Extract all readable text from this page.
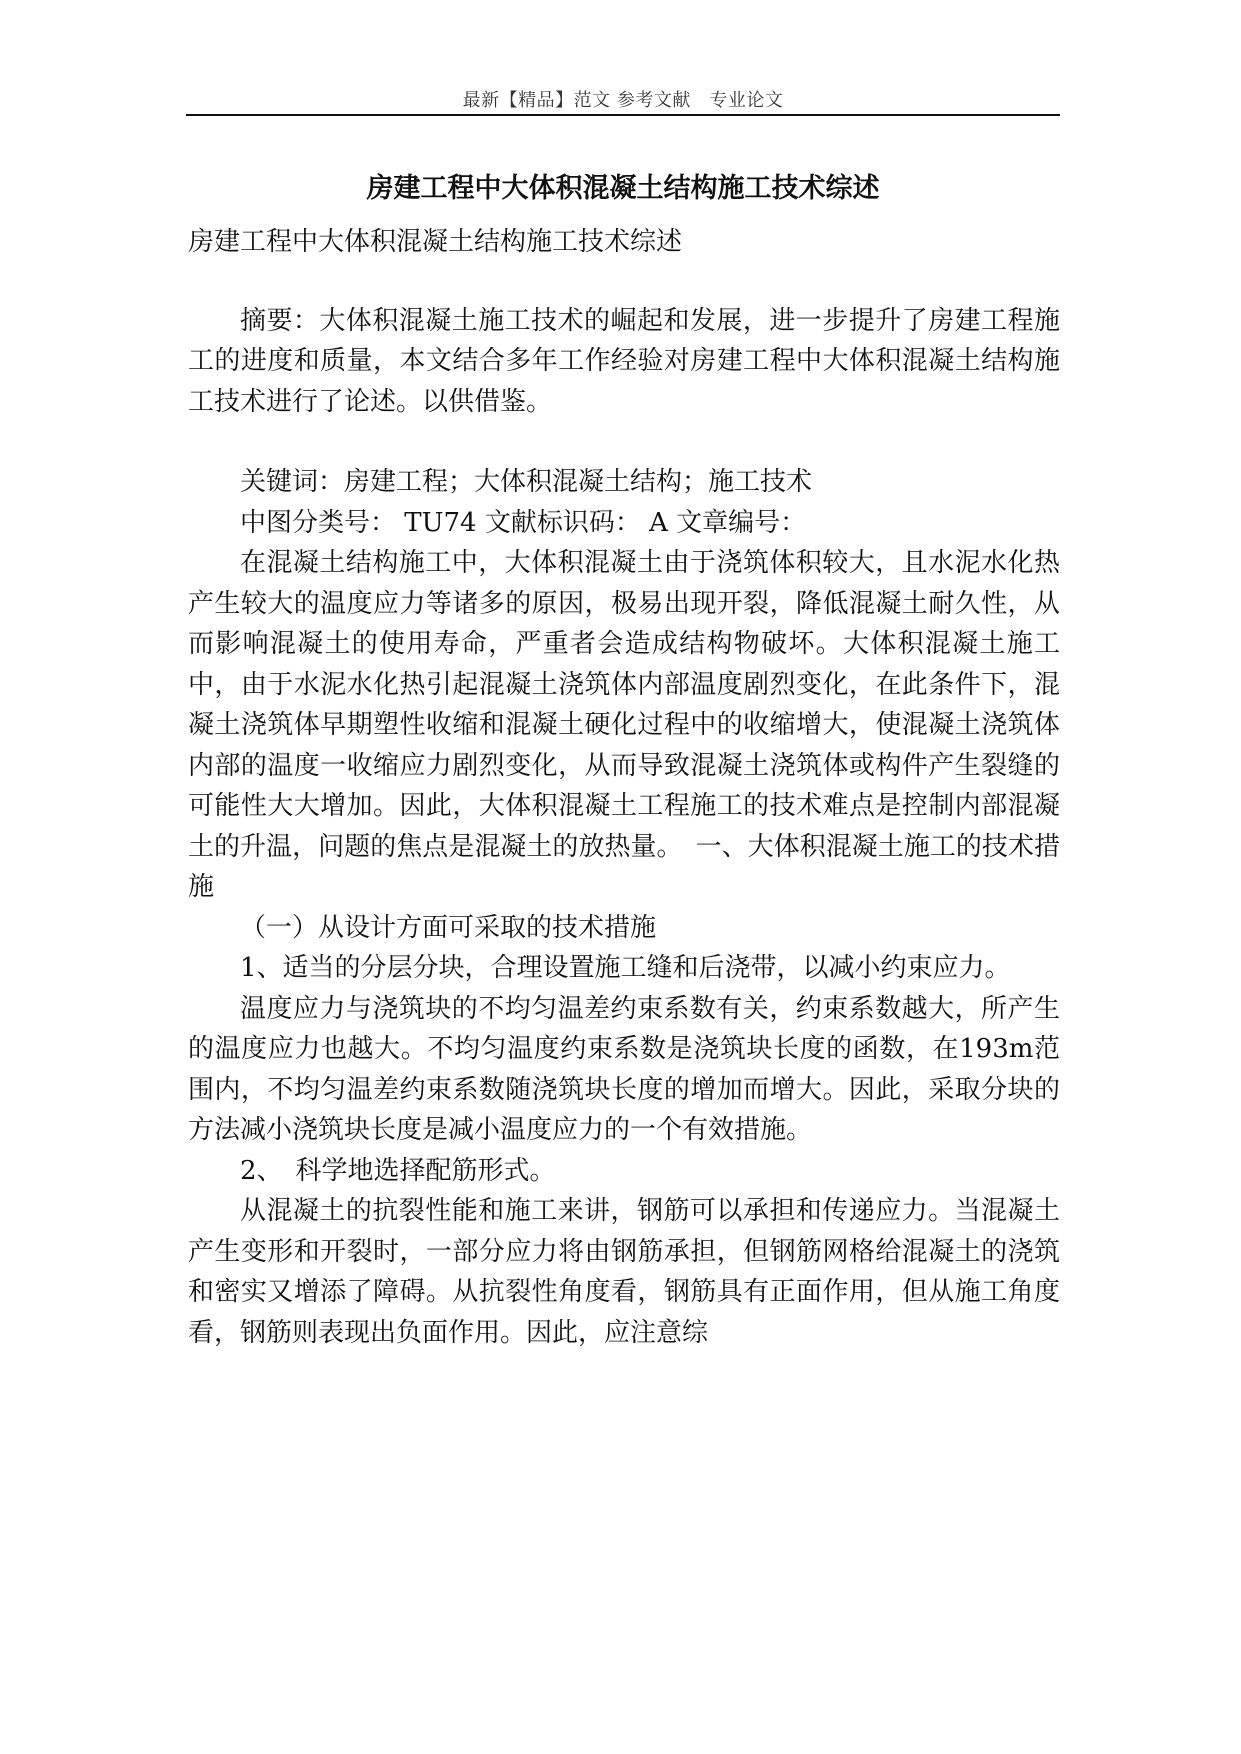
最新【精品】范文 参考文献　专业论文
房建工程中大体积混凝土结构施工技术综述

房建工程中大体积混凝土结构施工技术综述

摘要：大体积混凝土施工技术的崛起和发展，进一步提升了房建工程施工的进度和质量，本文结合多年工作经验对房建工程中大体积混凝土结构施工技术进行了论述。以供借鉴。

关键词：房建工程；大体积混凝土结构；施工技术

中图分类号： TU74 文献标识码： A 文章编号：

在混凝土结构施工中，大体积混凝土由于浇筑体积较大，且水泥水化热产生较大的温度应力等诸多的原因，极易出现开裂，降低混凝土耐久性，从而影响混凝土的使用寿命，严重者会造成结构物破坏。大体积混凝土施工中，由于水泥水化热引起混凝土浇筑体内部温度剧烈变化，在此条件下，混凝土浇筑体早期塑性收缩和混凝土硬化过程中的收缩增大，使混凝土浇筑体内部的温度一收缩应力剧烈变化，从而导致混凝土浇筑体或构件产生裂缝的可能性大大增加。因此，大体积混凝土工程施工的技术难点是控制内部混凝土的升温，问题的焦点是混凝土的放热量。　一、大体积混凝土施工的技术措施

（一）从设计方面可采取的技术措施

1、适当的分层分块，合理设置施工缝和后浇带，以减小约束应力。

温度应力与浇筑块的不均匀温差约束系数有关，约束系数越大，所产生的温度应力也越大。不均匀温度约束系数是浇筑块长度的函数，在193m范围内，不均匀温差约束系数随浇筑块长度的增加而增大。因此，采取分块的方法减小浇筑块长度是减小温度应力的一个有效措施。

2、　科学地选择配筋形式。

从混凝土的抗裂性能和施工来讲，钢筋可以承担和传递应力。当混凝土产生变形和开裂时，一部分应力将由钢筋承担，但钢筋网格给混凝土的浇筑和密实又增添了障碍。从抗裂性角度看，钢筋具有正面作用，但从施工角度看，钢筋则表现出负面作用。因此，应注意综
